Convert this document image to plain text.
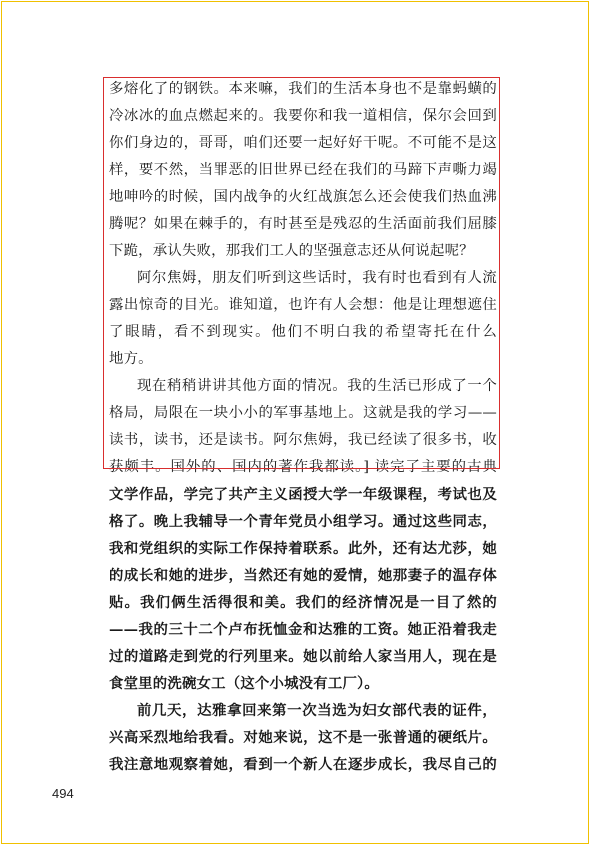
多熔化了的钢铁。本来嘛，我们的生活本身也不是靠蚂蟥的
冷冰冰的血点燃起来的。我要你和我一道相信，保尔会回到
你们身边的，哥哥，咱们还要一起好好干呢。不可能不是这
样，要不然，当罪恶的旧世界已经在我们的马蹄下声嘶力竭
地呻吟的时候，国内战争的火红战旗怎么还会使我们热血沸
腾呢？如果在棘手的，有时甚至是残忍的生活面前我们屈膝
下跪，承认失败，那我们工人的坚强意志还从何说起呢？
阿尔焦姆，朋友们听到这些话时，我有时也看到有人流
露出惊奇的目光。谁知道，也许有人会想：他是让理想遮住
了眼睛，看不到现实。他们不明白我的希望寄托在什么
地方。
现在稍稍讲讲其他方面的情况。我的生活已形成了一个
格局，局限在一块小小的军事基地上。这就是我的学习——
读书，读书，还是读书。阿尔焦姆，我已经读了很多书，收
获颇丰。国外的、国内的著作我都读。] 读完了主要的古典
文学作品，学完了共产主义函授大学一年级课程，考试也及
格了。晚上我辅导一个青年党员小组学习。通过这些同志，
我和党组织的实际工作保持着联系。此外，还有达尤莎，她
的成长和她的进步，当然还有她的爱情，她那妻子的温存体
贴。我们俩生活得很和美。我们的经济情况是一目了然的
——我的三十二个卢布抚恤金和达雅的工资。她正沿着我走
过的道路走到党的行列里来。她以前给人家当用人，现在是
食堂里的洗碗女工（这个小城没有工厂）。
前几天，达雅拿回来第一次当选为妇女部代表的证件，
兴高采烈地给我看。对她来说，这不是一张普通的硬纸片。
我注意地观察着她，看到一个新人在逐步成长，我尽自己的
494
